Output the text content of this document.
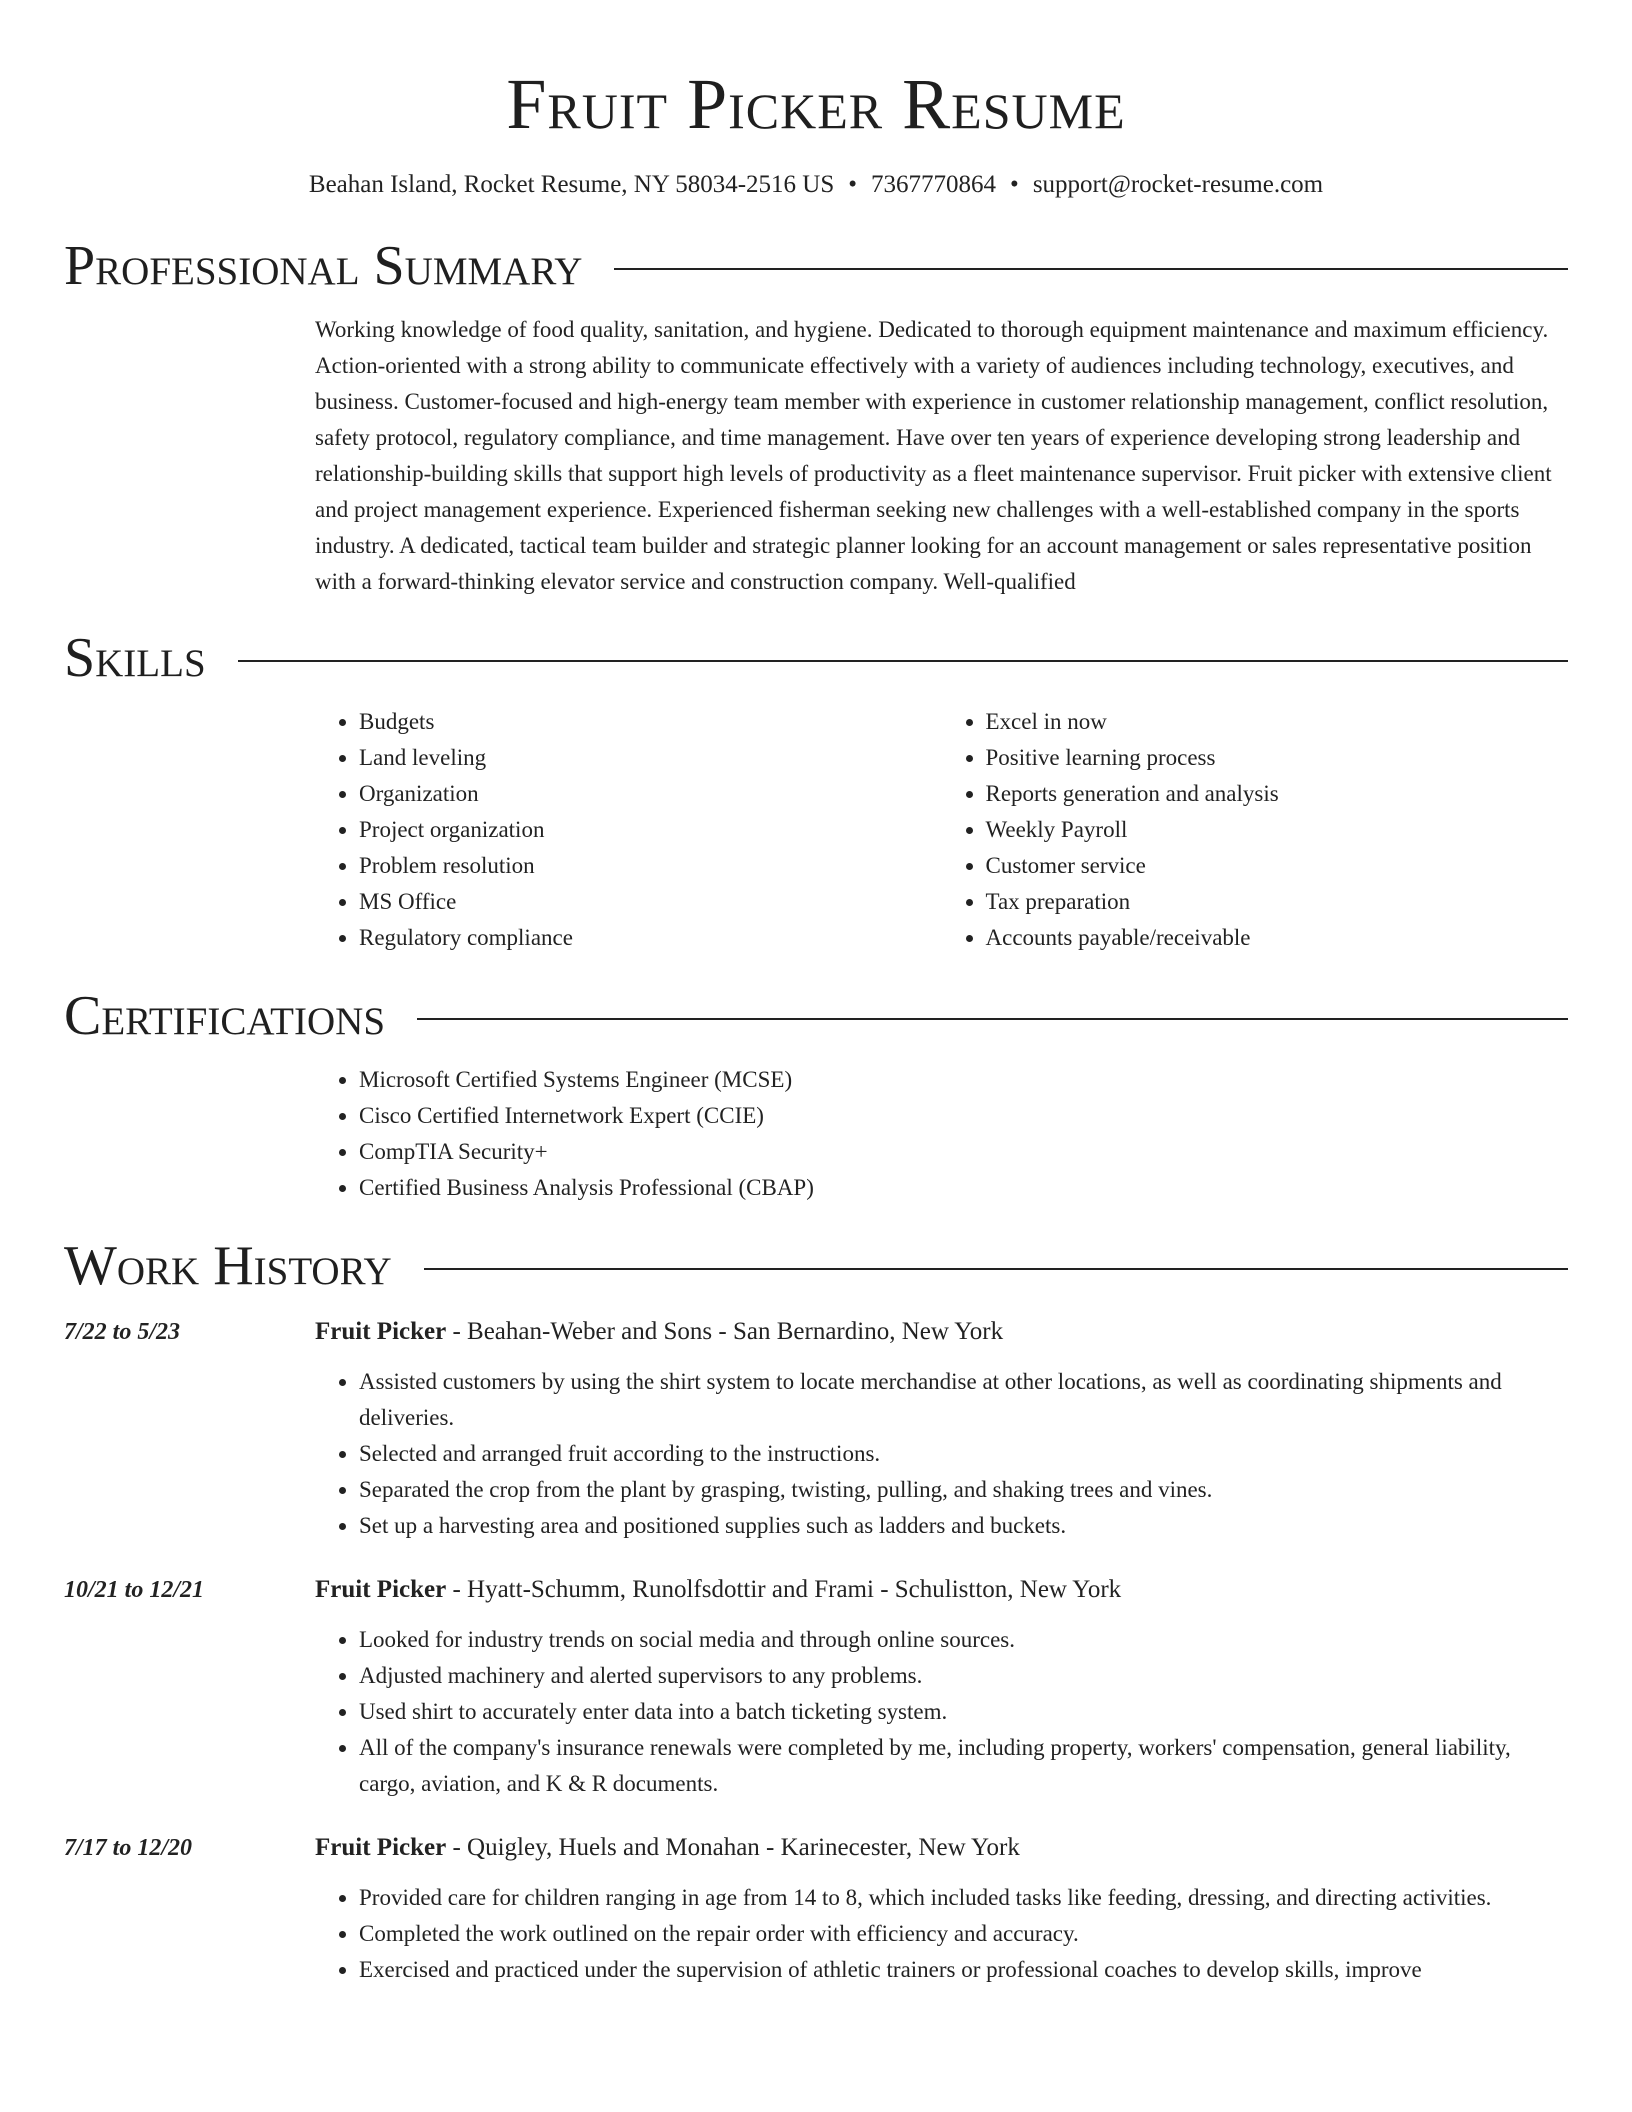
Fruit Picker Resume
Beahan Island, Rocket Resume, NY 58034-2516 US • 7367770864 • support@rocket-resume.com
Professional Summary
Working knowledge of food quality, sanitation, and hygiene. Dedicated to thorough equipment maintenance and maximum efficiency. Action-oriented with a strong ability to communicate effectively with a variety of audiences including technology, executives, and business. Customer-focused and high-energy team member with experience in customer relationship management, conflict resolution, safety protocol, regulatory compliance, and time management. Have over ten years of experience developing strong leadership and relationship-building skills that support high levels of productivity as a fleet maintenance supervisor. Fruit picker with extensive client and project management experience. Experienced fisherman seeking new challenges with a well-established company in the sports industry. A dedicated, tactical team builder and strategic planner looking for an account management or sales representative position with a forward-thinking elevator service and construction company. Well-qualified
Skills
• Budgets
• Land leveling
• Organization
• Project organization
• Problem resolution
• MS Office
• Regulatory compliance
• Excel in now
• Positive learning process
• Reports generation and analysis
• Weekly Payroll
• Customer service
• Tax preparation
• Accounts payable/receivable
Certifications
• Microsoft Certified Systems Engineer (MCSE)
• Cisco Certified Internetwork Expert (CCIE)
• CompTIA Security+
• Certified Business Analysis Professional (CBAP)
Work History
7/22 to 5/23	Fruit Picker - Beahan-Weber and Sons - San Bernardino, New York
• Assisted customers by using the shirt system to locate merchandise at other locations, as well as coordinating shipments and deliveries.
• Selected and arranged fruit according to the instructions.
• Separated the crop from the plant by grasping, twisting, pulling, and shaking trees and vines.
• Set up a harvesting area and positioned supplies such as ladders and buckets.
10/21 to 12/21	Fruit Picker - Hyatt-Schumm, Runolfsdottir and Frami - Schulistton, New York
• Looked for industry trends on social media and through online sources.
• Adjusted machinery and alerted supervisors to any problems.
• Used shirt to accurately enter data into a batch ticketing system.
• All of the company's insurance renewals were completed by me, including property, workers' compensation, general liability, cargo, aviation, and K & R documents.
7/17 to 12/20	Fruit Picker - Quigley, Huels and Monahan - Karinecester, New York
• Provided care for children ranging in age from 14 to 8, which included tasks like feeding, dressing, and directing activities.
• Completed the work outlined on the repair order with efficiency and accuracy.
• Exercised and practiced under the supervision of athletic trainers or professional coaches to develop skills, improve
